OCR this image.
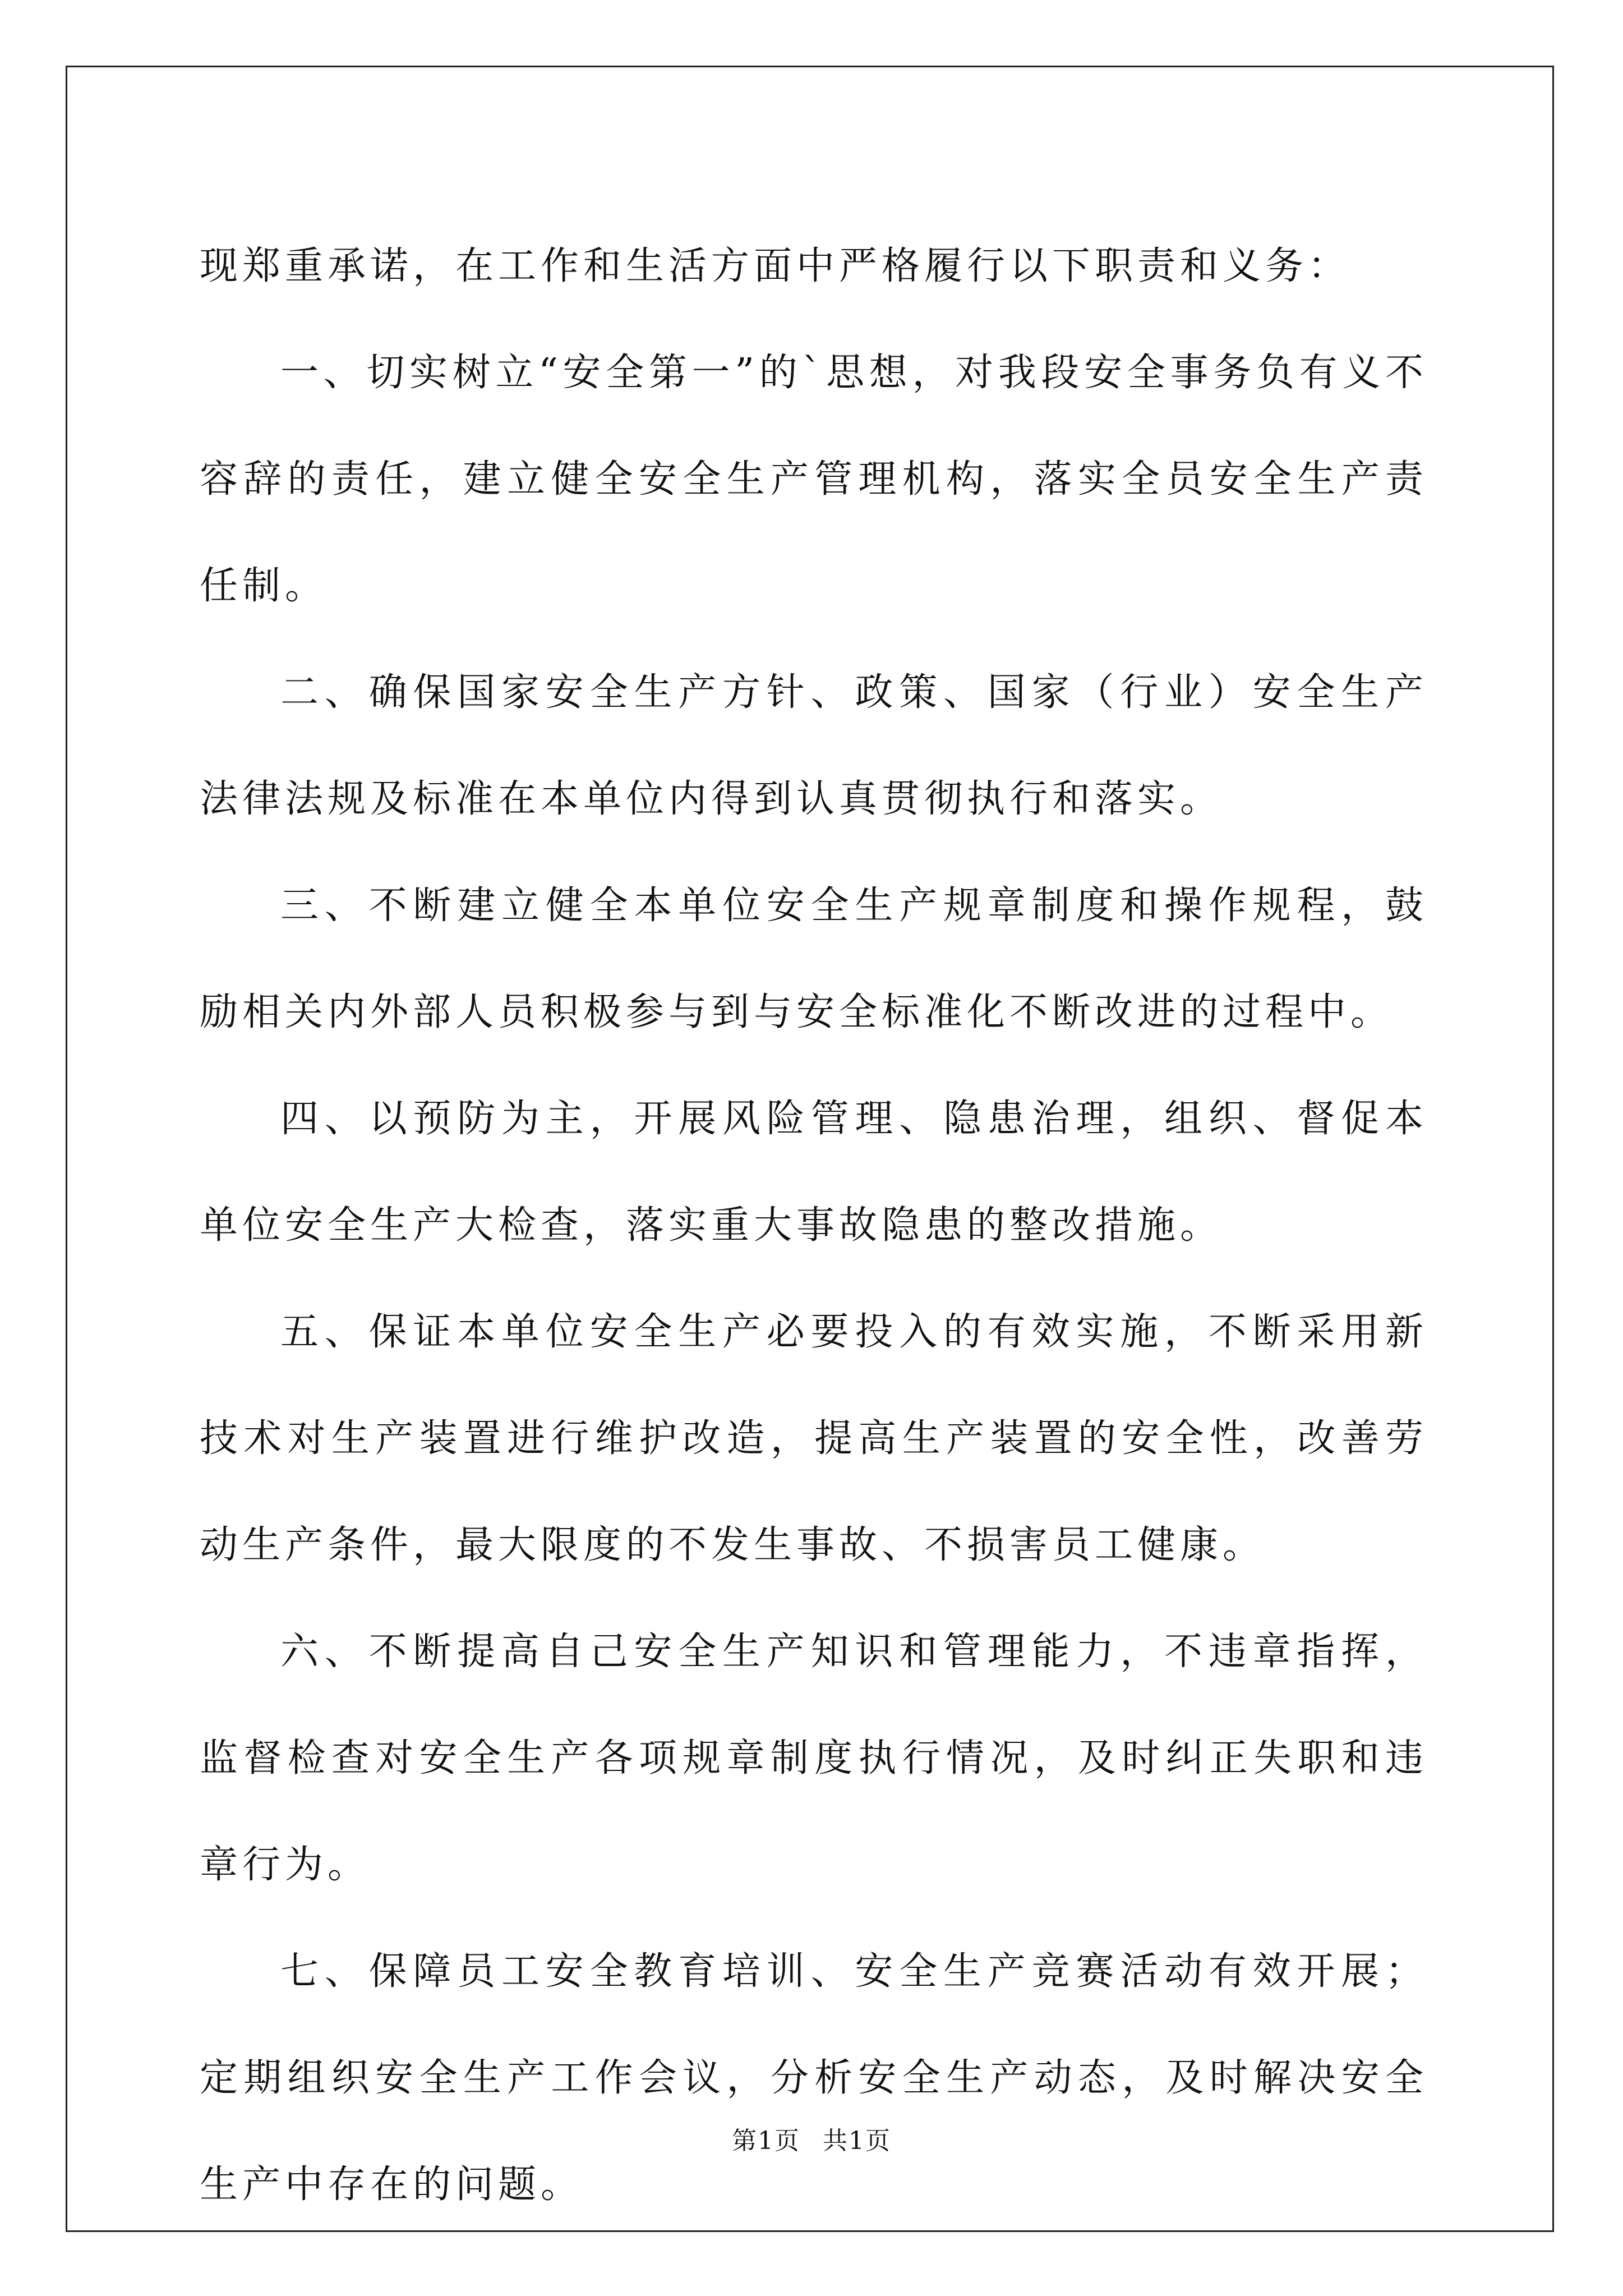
现郑重承诺，在工作和生活方面中严格履行以下职责和义务：

一、切实树立“安全第一”的`思想，对我段安全事务负有义不容辞的责任，建立健全安全生产管理机构，落实全员安全生产责任制。

二、确保国家安全生产方针、政策、国家（行业）安全生产法律法规及标准在本单位内得到认真贯彻执行和落实。

三、不断建立健全本单位安全生产规章制度和操作规程，鼓励相关内外部人员积极参与到与安全标准化不断改进的过程中。

四、以预防为主，开展风险管理、隐患治理，组织、督促本单位安全生产大检查，落实重大事故隐患的整改措施。

五、保证本单位安全生产必要投入的有效实施，不断采用新技术对生产装置进行维护改造，提高生产装置的安全性，改善劳动生产条件，最大限度的不发生事故、不损害员工健康。

六、不断提高自己安全生产知识和管理能力，不违章指挥，监督检查对安全生产各项规章制度执行情况，及时纠正失职和违章行为。

七、保障员工安全教育培训、安全生产竞赛活动有效开展；定期组织安全生产工作会议，分析安全生产动态，及时解决安全生产中存在的问题。

第1页 共1页
